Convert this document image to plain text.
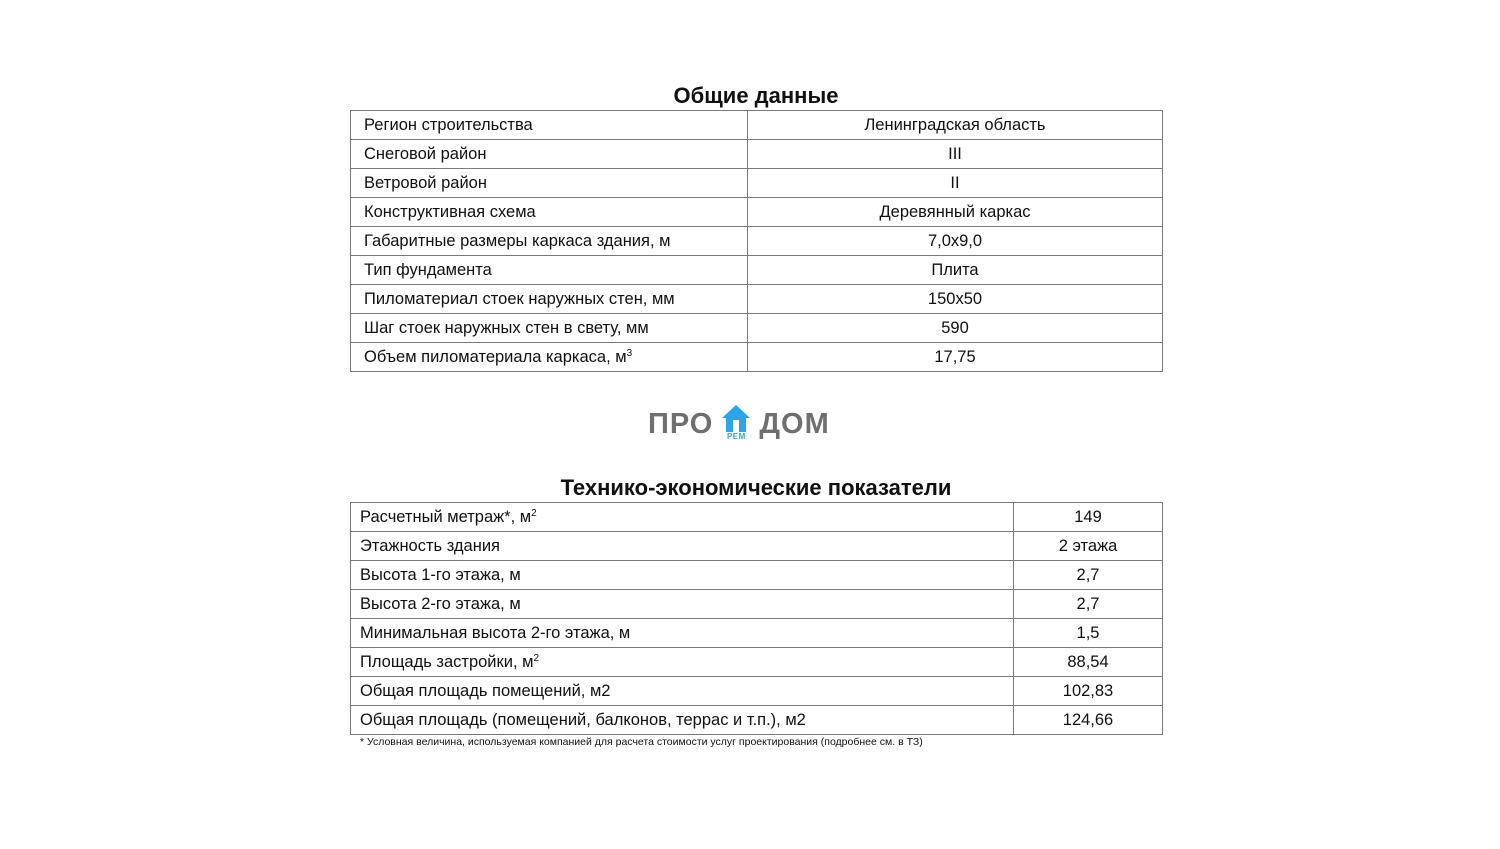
Общие данные
Регион строительства	Ленинградская область
Снеговой район	III
Ветровой район	II
Конструктивная схема	Деревянный каркас
Габаритные размеры каркаса здания, м	7,0х9,0
Тип фундамента	Плита
Пиломатериал стоек наружных стен, мм	150х50
Шаг стоек наружных стен в свету, мм	590
Объем пиломатериала каркаса, $м^3$	17,75
ПРО	РЕМ ДОМ
Технико-экономические показатели
Расчетный метраж*, $м^2$	149
Этажность здания	2 этажа
Высота 1-го этажа, м	2,7
Высота 2-го этажа, м	2,7
Минимальная высота 2-го этажа, м	1,5
Площадь застройки, $м^2$	88,54
Общая площадь помещений, м2	102,83
Общая площадь (помещений, балконов, террас и т.п.), м2	124,66
* Условная величина, используемая компанией для расчета стоимости услуг проектирования (подробнее см. в ТЗ)
